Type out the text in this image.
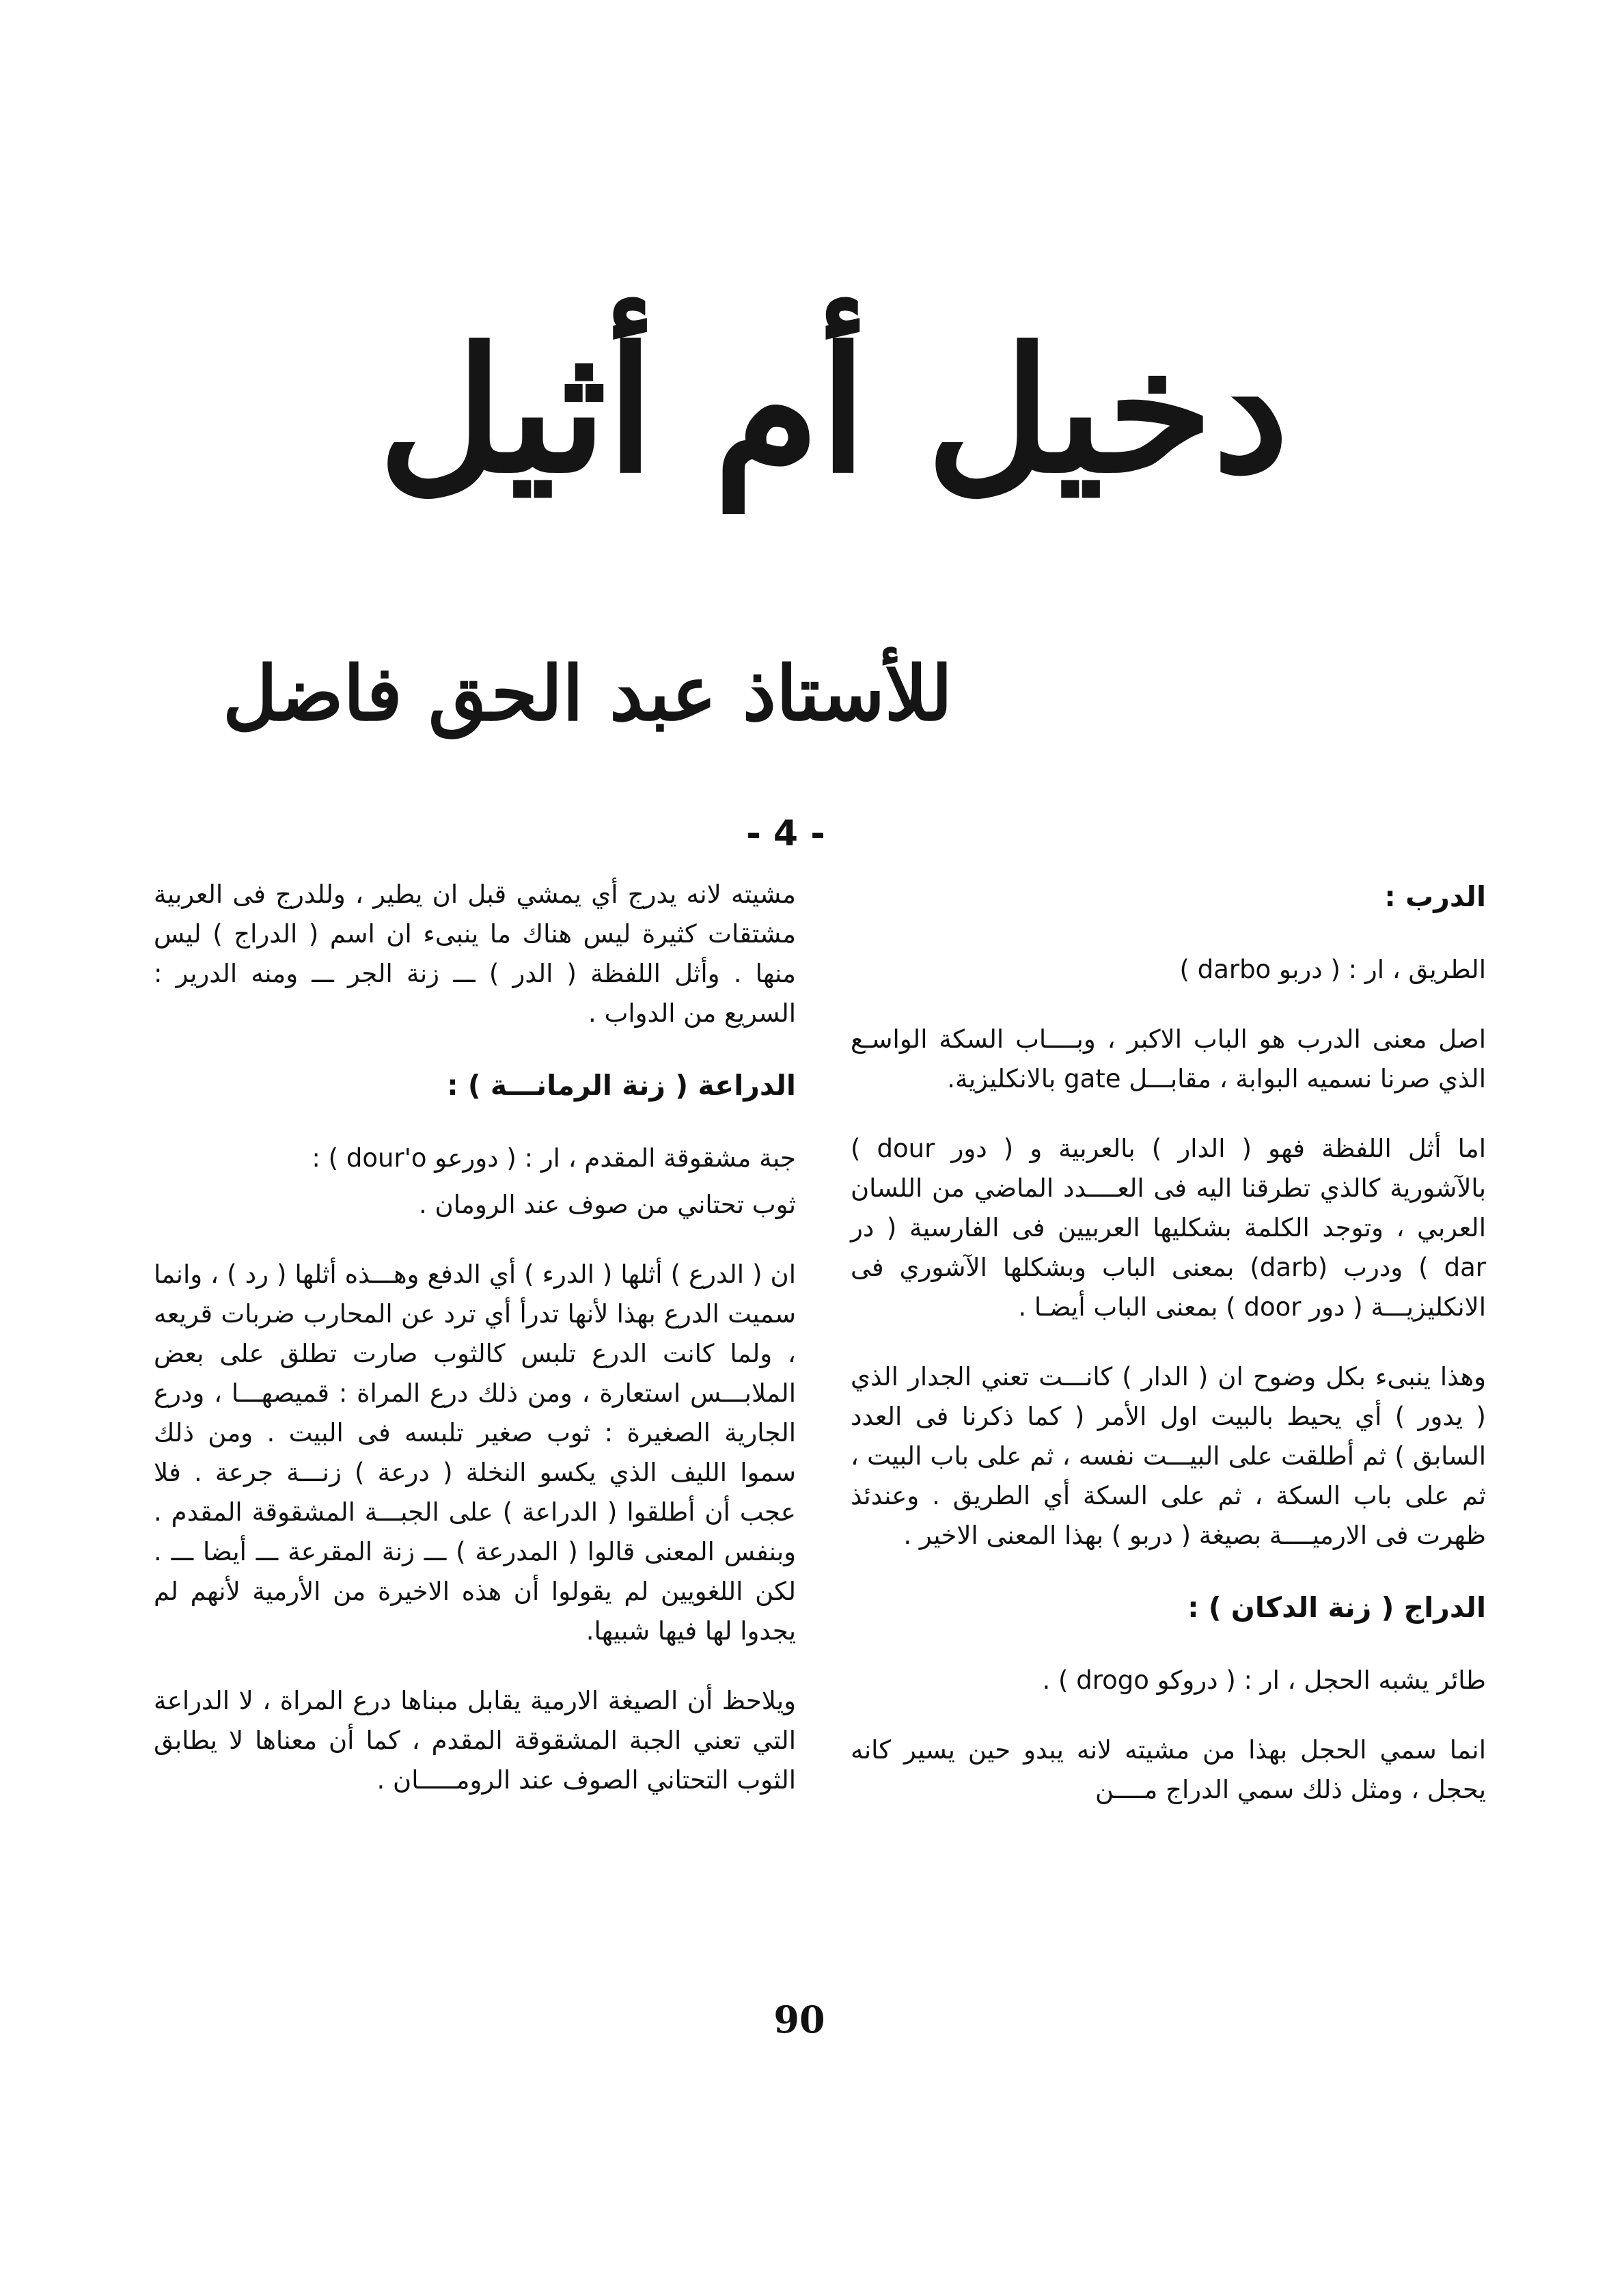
دخيل أم أثيل
للأستاذ عبد الحق فاضل
- 4 -
الدرب :
الطريق ، ار : ( دربو darbo )
اصل معنى الدرب هو الباب الاكبر ، وبــــاب السكة الواسـع الذي صرنا نسميه البوابة ، مقابـــل gate بالانكليزية.
اما أثل اللفظة فهو ( الدار ) بالعربية و ( دور dour ) بالآشورية كالذي تطرقنا اليه فى العــــدد الماضي من اللسان العربي ، وتوجد الكلمة بشكليها العربيين فى الفارسية ( در dar ) ودرب (darb) بمعنى الباب وبشكلها الآشوري فى الانكليزيـــة ( دور door ) بمعنى الباب أيضـا .
وهذا ينبىء بكل وضوح ان ( الدار ) كانـــت تعني الجدار الذي ( يدور ) أي يحيط بالبيت اول الأمر ( كما ذكرنا فى العدد السابق ) ثم أطلقت على البيـــت نفسه ، ثم على باب البيت ، ثم على باب السكة ، ثم على السكة أي الطريق . وعندئذ ظهرت فى الارميــــة بصيغة ( دربو ) بهذا المعنى الاخير .
الدراج ( زنة الدكان ) :
طائر يشبه الحجل ، ار : ( دروكو drogo ) .
انما سمي الحجل بهذا من مشيته لانه يبدو حين يسير كانه يحجل ، ومثل ذلك سمي الدراج مــــن
مشيته لانه يدرج أي يمشي قبل ان يطير ، وللدرج فى العربية مشتقات كثيرة ليس هناك ما ينبىء ان اسم ( الدراج ) ليس منها . وأثل اللفظة ( الدر ) ـــ زنة الجر ـــ ومنه الدرير : السريع من الدواب .
الدراعة ( زنة الرمانـــة ) :
جبة مشقوقة المقدم ، ار : ( دورعو dour'o ) :
ثوب تحتاني من صوف عند الرومان .
ان ( الدرع ) أثلها ( الدرء ) أي الدفع وهـــذه أثلها ( رد ) ، وانما سميت الدرع بهذا لأنها تدرأ أي ترد عن المحارب ضربات قريعه ، ولما كانت الدرع تلبس كالثوب صارت تطلق على بعض الملابـــس استعارة ، ومن ذلك درع المراة : قميصهـــا ، ودرع الجارية الصغيرة : ثوب صغير تلبسه فى البيت . ومن ذلك سموا الليف الذي يكسو النخلة ( درعة ) زنـــة جرعة . فلا عجب أن أطلقوا ( الدراعة ) على الجبـــة المشقوقة المقدم . وبنفس المعنى قالوا ( المدرعة ) ـــ زنة المقرعة ـــ أيضا ـــ . لكن اللغويين لم يقولوا أن هذه الاخيرة من الأرمية لأنهم لم يجدوا لها فيها شبيها.
ويلاحظ أن الصيغة الارمية يقابل مبناها درع المراة ، لا الدراعة التي تعني الجبة المشقوقة المقدم ، كما أن معناها لا يطابق الثوب التحتاني الصوف عند الرومـــــان .
90
